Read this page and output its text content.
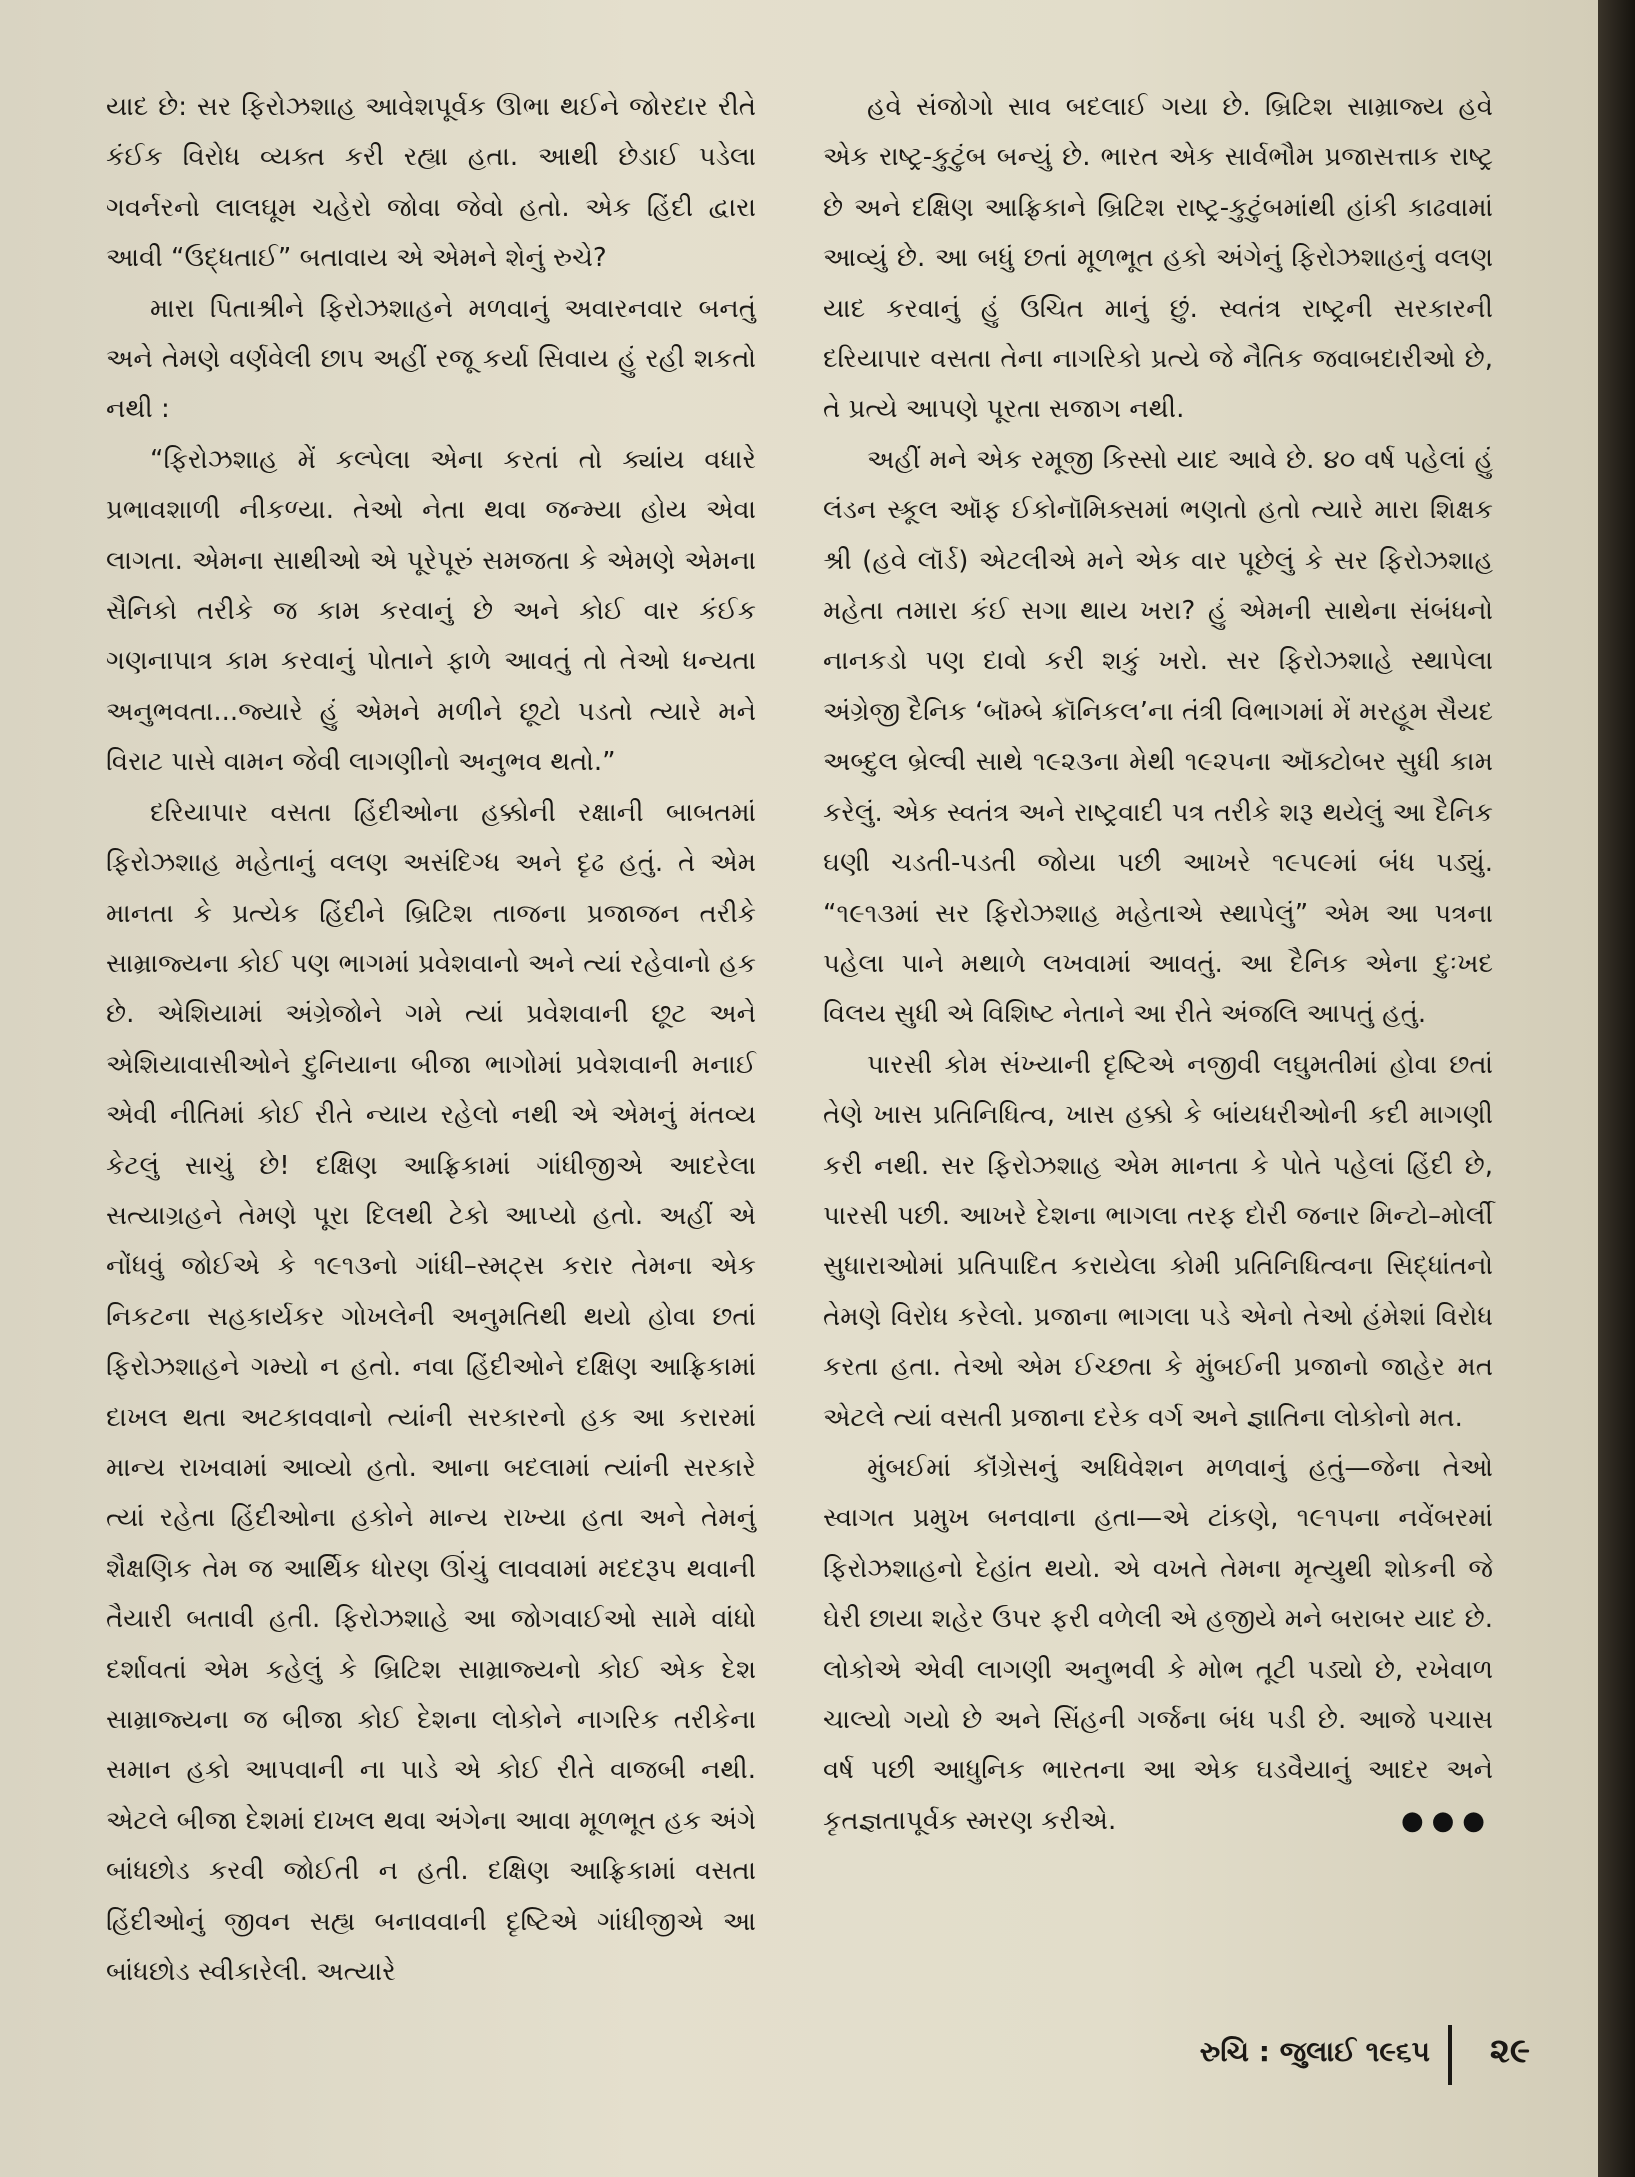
યાદ છે: સર ફિરોઝશાહ આવેશપૂર્વક ઊભા થઈને જોરદાર રીતે કંઈક વિરોધ વ્યક્ત કરી રહ્યા હતા. આથી છેડાઈ પડેલા ગવર્નરનો લાલઘૂમ ચહેરો જોવા જેવો હતો. એક હિંદી દ્વારા આવી “ઉદ્ધતાઈ” બતાવાય એ એમને શેનું રુચે?

મારા પિતાશ્રીને ફિરોઝશાહને મળવાનું અવારનવાર બનતું અને તેમણે વર્ણવેલી છાપ અહીં રજૂ કર્યા સિવાય હું રહી શકતો નથી :

“ફિરોઝશાહ મેં કલ્પેલા એના કરતાં તો ક્યાંય વધારે પ્રભાવશાળી નીકળ્યા. તેઓ નેતા થવા જન્મ્યા હોય એવા લાગતા. એમના સાથીઓ એ પૂરેપૂરું સમજતા કે એમણે એમના સૈનિકો તરીકે જ કામ કરવાનું છે અને કોઈ વાર કંઈક ગણનાપાત્ર કામ કરવાનું પોતાને ફાળે આવતું તો તેઓ ધન્યતા અનુભવતા...જ્યારે હું એમને મળીને છૂટો પડતો ત્યારે મને વિરાટ પાસે વામન જેવી લાગણીનો અનુભવ થતો.”

દરિયાપાર વસતા હિંદીઓના હક્કોની રક્ષાની બાબતમાં ફિરોઝશાહ મહેતાનું વલણ અસંદિગ્ધ અને દૃઢ હતું. તે એમ માનતા કે પ્રત્યેક હિંદીને બ્રિટિશ તાજના પ્રજાજન તરીકે સામ્રાજ્યના કોઈ પણ ભાગમાં પ્રવેશવાનો અને ત્યાં રહેવાનો હક છે. એશિયામાં અંગ્રેજોને ગમે ત્યાં પ્રવેશવાની છૂટ અને એશિયાવાસીઓને દુનિયાના બીજા ભાગોમાં પ્રવેશવાની મનાઈ એવી નીતિમાં કોઈ રીતે ન્યાય રહેલો નથી એ એમનું મંતવ્ય કેટલું સાચું છે! દક્ષિણ આફ્રિકામાં ગાંધીજીએ આદરેલા સત્યાગ્રહને તેમણે પૂરા દિલથી ટેકો આપ્યો હતો. અહીં એ નોંધવું જોઈએ કે ૧૯૧૩નો ગાંધી–સ્મટ્સ કરાર તેમના એક નિકટના સહકાર્યકર ગોખલેની અનુમતિથી થયો હોવા છતાં ફિરોઝશાહને ગમ્યો ન હતો. નવા હિંદીઓને દક્ષિણ આફ્રિકામાં દાખલ થતા અટકાવવાનો ત્યાંની સરકારનો હક આ કરારમાં માન્ય રાખવામાં આવ્યો હતો. આના બદલામાં ત્યાંની સરકારે ત્યાં રહેતા હિંદીઓના હકોને માન્ય રાખ્યા હતા અને તેમનું શૈક્ષણિક તેમ જ આર્થિક ધોરણ ઊંચું લાવવામાં મદદરૂપ થવાની તૈયારી બતાવી હતી. ફિરોઝશાહે આ જોગવાઈઓ સામે વાંધો દર્શાવતાં એમ કહેલું કે બ્રિટિશ સામ્રાજ્યનો કોઈ એક દેશ સામ્રાજ્યના જ બીજા કોઈ દેશના લોકોને નાગરિક તરીકેના સમાન હકો આપવાની ના પાડે એ કોઈ રીતે વાજબી નથી. એટલે બીજા દેશમાં દાખલ થવા અંગેના આવા મૂળભૂત હક અંગે બાંધછોડ કરવી જોઈતી ન હતી. દક્ષિણ આફ્રિકામાં વસતા હિંદીઓનું જીવન સહ્ય બનાવવાની દૃષ્ટિએ ગાંધીજીએ આ બાંધછોડ સ્વીકારેલી. અત્યારે

હવે સંજોગો સાવ બદલાઈ ગયા છે. બ્રિટિશ સામ્રાજ્ય હવે એક રાષ્ટ્ર-કુટુંબ બન્યું છે. ભારત એક સાર્વભૌમ પ્રજાસત્તાક રાષ્ટ્ર છે અને દક્ષિણ આફ્રિકાને બ્રિટિશ રાષ્ટ્ર-કુટુંબમાંથી હાંકી કાઢવામાં આવ્યું છે. આ બધું છતાં મૂળભૂત હકો અંગેનું ફિરોઝશાહનું વલણ યાદ કરવાનું હું ઉચિત માનું છું. સ્વતંત્ર રાષ્ટ્રની સરકારની દરિયાપાર વસતા તેના નાગરિકો પ્રત્યે જે નૈતિક જવાબદારીઓ છે, તે પ્રત્યે આપણે પૂરતા સજાગ નથી.

અહીં મને એક રમૂજી કિસ્સો યાદ આવે છે. ૪૦ વર્ષ પહેલાં હું લંડન સ્કૂલ ઑફ ઈકોનૉમિક્સમાં ભણતો હતો ત્યારે મારા શિક્ષક શ્રી (હવે લૉર્ડ) એટલીએ મને એક વાર પૂછેલું કે સર ફિરોઝશાહ મહેતા તમારા કંઈ સગા થાય ખરા? હું એમની સાથેના સંબંધનો નાનકડો પણ દાવો કરી શકું ખરો. સર ફિરોઝશાહે સ્થાપેલા અંગ્રેજી દૈનિક ‘બૉમ્બે ક્રૉનિકલ’ના તંત્રી વિભાગમાં મેં મરહૂમ સૈયદ અબ્દુલ બ્રેલ્વી સાથે ૧૯૨૩ના મેથી ૧૯૨૫ના ઑક્ટોબર સુધી કામ કરેલું. એક સ્વતંત્ર અને રાષ્ટ્રવાદી પત્ર તરીકે શરૂ થયેલું આ દૈનિક ઘણી ચડતી-પડતી જોયા પછી આખરે ૧૯૫૯માં બંધ પડ્યું. “૧૯૧૩માં સર ફિરોઝશાહ મહેતાએ સ્થાપેલું” એમ આ પત્રના પહેલા પાને મથાળે લખવામાં આવતું. આ દૈનિક એના દુઃખદ વિલય સુધી એ વિશિષ્ટ નેતાને આ રીતે અંજલિ આપતું હતું.

પારસી કોમ સંખ્યાની દૃષ્ટિએ નજીવી લઘુમતીમાં હોવા છતાં તેણે ખાસ પ્રતિનિધિત્વ, ખાસ હક્કો કે બાંયધરીઓની કદી માગણી કરી નથી. સર ફિરોઝશાહ એમ માનતા કે પોતે પહેલાં હિંદી છે, પારસી પછી. આખરે દેશના ભાગલા તરફ દોરી જનાર મિન્ટો–મોર્લી સુધારાઓમાં પ્રતિપાદિત કરાયેલા કોમી પ્રતિનિધિત્વના સિદ્ધાંતનો તેમણે વિરોધ કરેલો. પ્રજાના ભાગલા પડે એનો તેઓ હંમેશાં વિરોધ કરતા હતા. તેઓ એમ ઈચ્છતા કે મુંબઈની પ્રજાનો જાહેર મત એટલે ત્યાં વસતી પ્રજાના દરેક વર્ગ અને જ્ઞાતિના લોકોનો મત.

મુંબઈમાં કૉંગ્રેસનું અધિવેશન મળવાનું હતું—જેના તેઓ સ્વાગત પ્રમુખ બનવાના હતા—એ ટાંકણે, ૧૯૧૫ના નવેંબરમાં ફિરોઝશાહનો દેહાંત થયો. એ વખતે તેમના મૃત્યુથી શોકની જે ઘેરી છાયા શહેર ઉપર ફરી વળેલી એ હજીયે મને બરાબર યાદ છે. લોકોએ એવી લાગણી અનુભવી કે મોભ તૂટી પડ્યો છે, રખેવાળ ચાલ્યો ગયો છે અને સિંહની ગર્જના બંધ પડી છે. આજે પચાસ વર્ષ પછી આધુનિક ભારતના આ એક ઘડવૈયાનું આદર અને કૃતજ્ઞતાપૂર્વક સ્મરણ કરીએ.	●●●

રુચિ : જુલાઈ ૧૯૬૫ ૨૯
